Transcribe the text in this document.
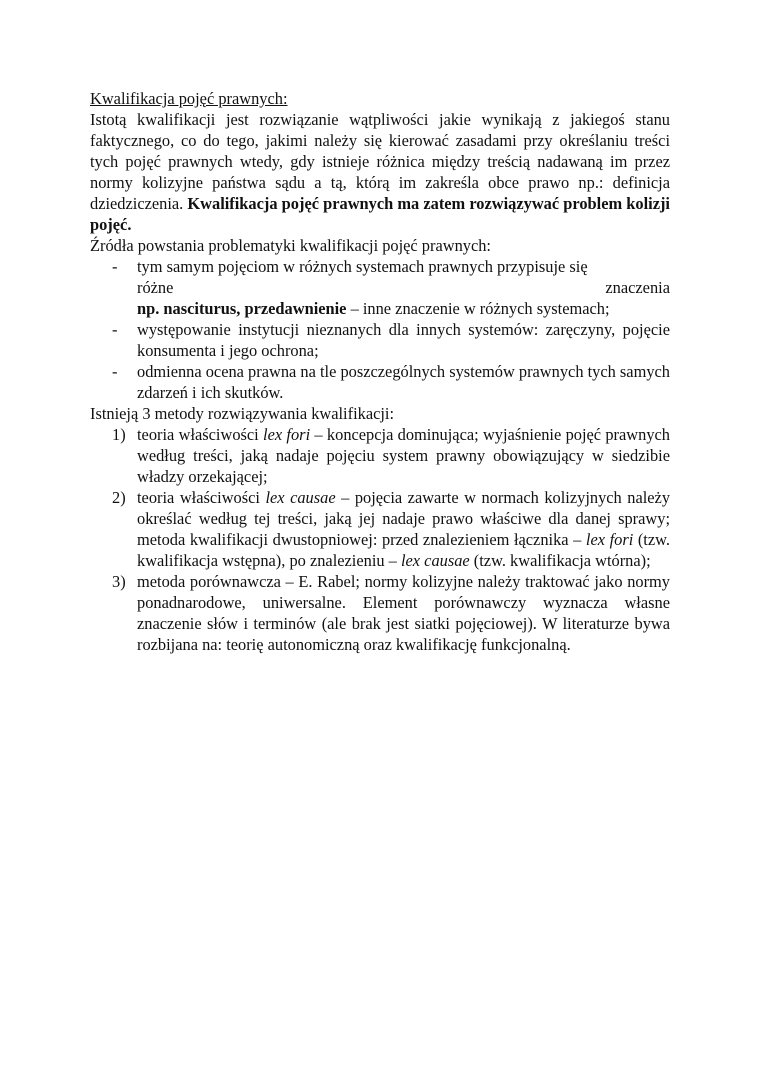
Kwalifikacja pojęć prawnych:

Istotą kwalifikacji jest rozwiązanie wątpliwości jakie wynikają z jakiegoś stanu faktycznego, co do tego, jakimi należy się kierować zasadami przy określaniu treści tych pojęć prawnych wtedy, gdy istnieje różnica między treścią nadawaną im przez normy kolizyjne państwa sądu a tą, którą im zakreśla obce prawo np.: definicja dziedziczenia. Kwalifikacja pojęć prawnych ma zatem rozwiązywać problem kolizji pojęć.

Źródła powstania problematyki kwalifikacji pojęć prawnych:

- tym samym pojęciom w różnych systemach prawnych przypisuje się
różne	znaczenia
np. nasciturus, przedawnienie – inne znaczenie w różnych systemach;
- występowanie instytucji nieznanych dla innych systemów: zaręczyny, pojęcie konsumenta i jego ochrona;
- odmienna ocena prawna na tle poszczególnych systemów prawnych tych samych zdarzeń i ich skutków.

Istnieją 3 metody rozwiązywania kwalifikacji:

1) teoria właściwości lex fori – koncepcja dominująca; wyjaśnienie pojęć prawnych według treści, jaką nadaje pojęciu system prawny obowiązujący w siedzibie władzy orzekającej;
2) teoria właściwości lex causae – pojęcia zawarte w normach kolizyjnych należy określać według tej treści, jaką jej nadaje prawo właściwe dla danej sprawy; metoda kwalifikacji dwustopniowej: przed znalezieniem łącznika – lex fori (tzw. kwalifikacja wstępna), po znalezieniu – lex causae (tzw. kwalifikacja wtórna);
3) metoda porównawcza – E. Rabel; normy kolizyjne należy traktować jako normy ponadnarodowe, uniwersalne. Element porównawczy wyznacza własne znaczenie słów i terminów (ale brak jest siatki pojęciowej). W literaturze bywa rozbijana na: teorię autonomiczną oraz kwalifikację funkcjonalną.
